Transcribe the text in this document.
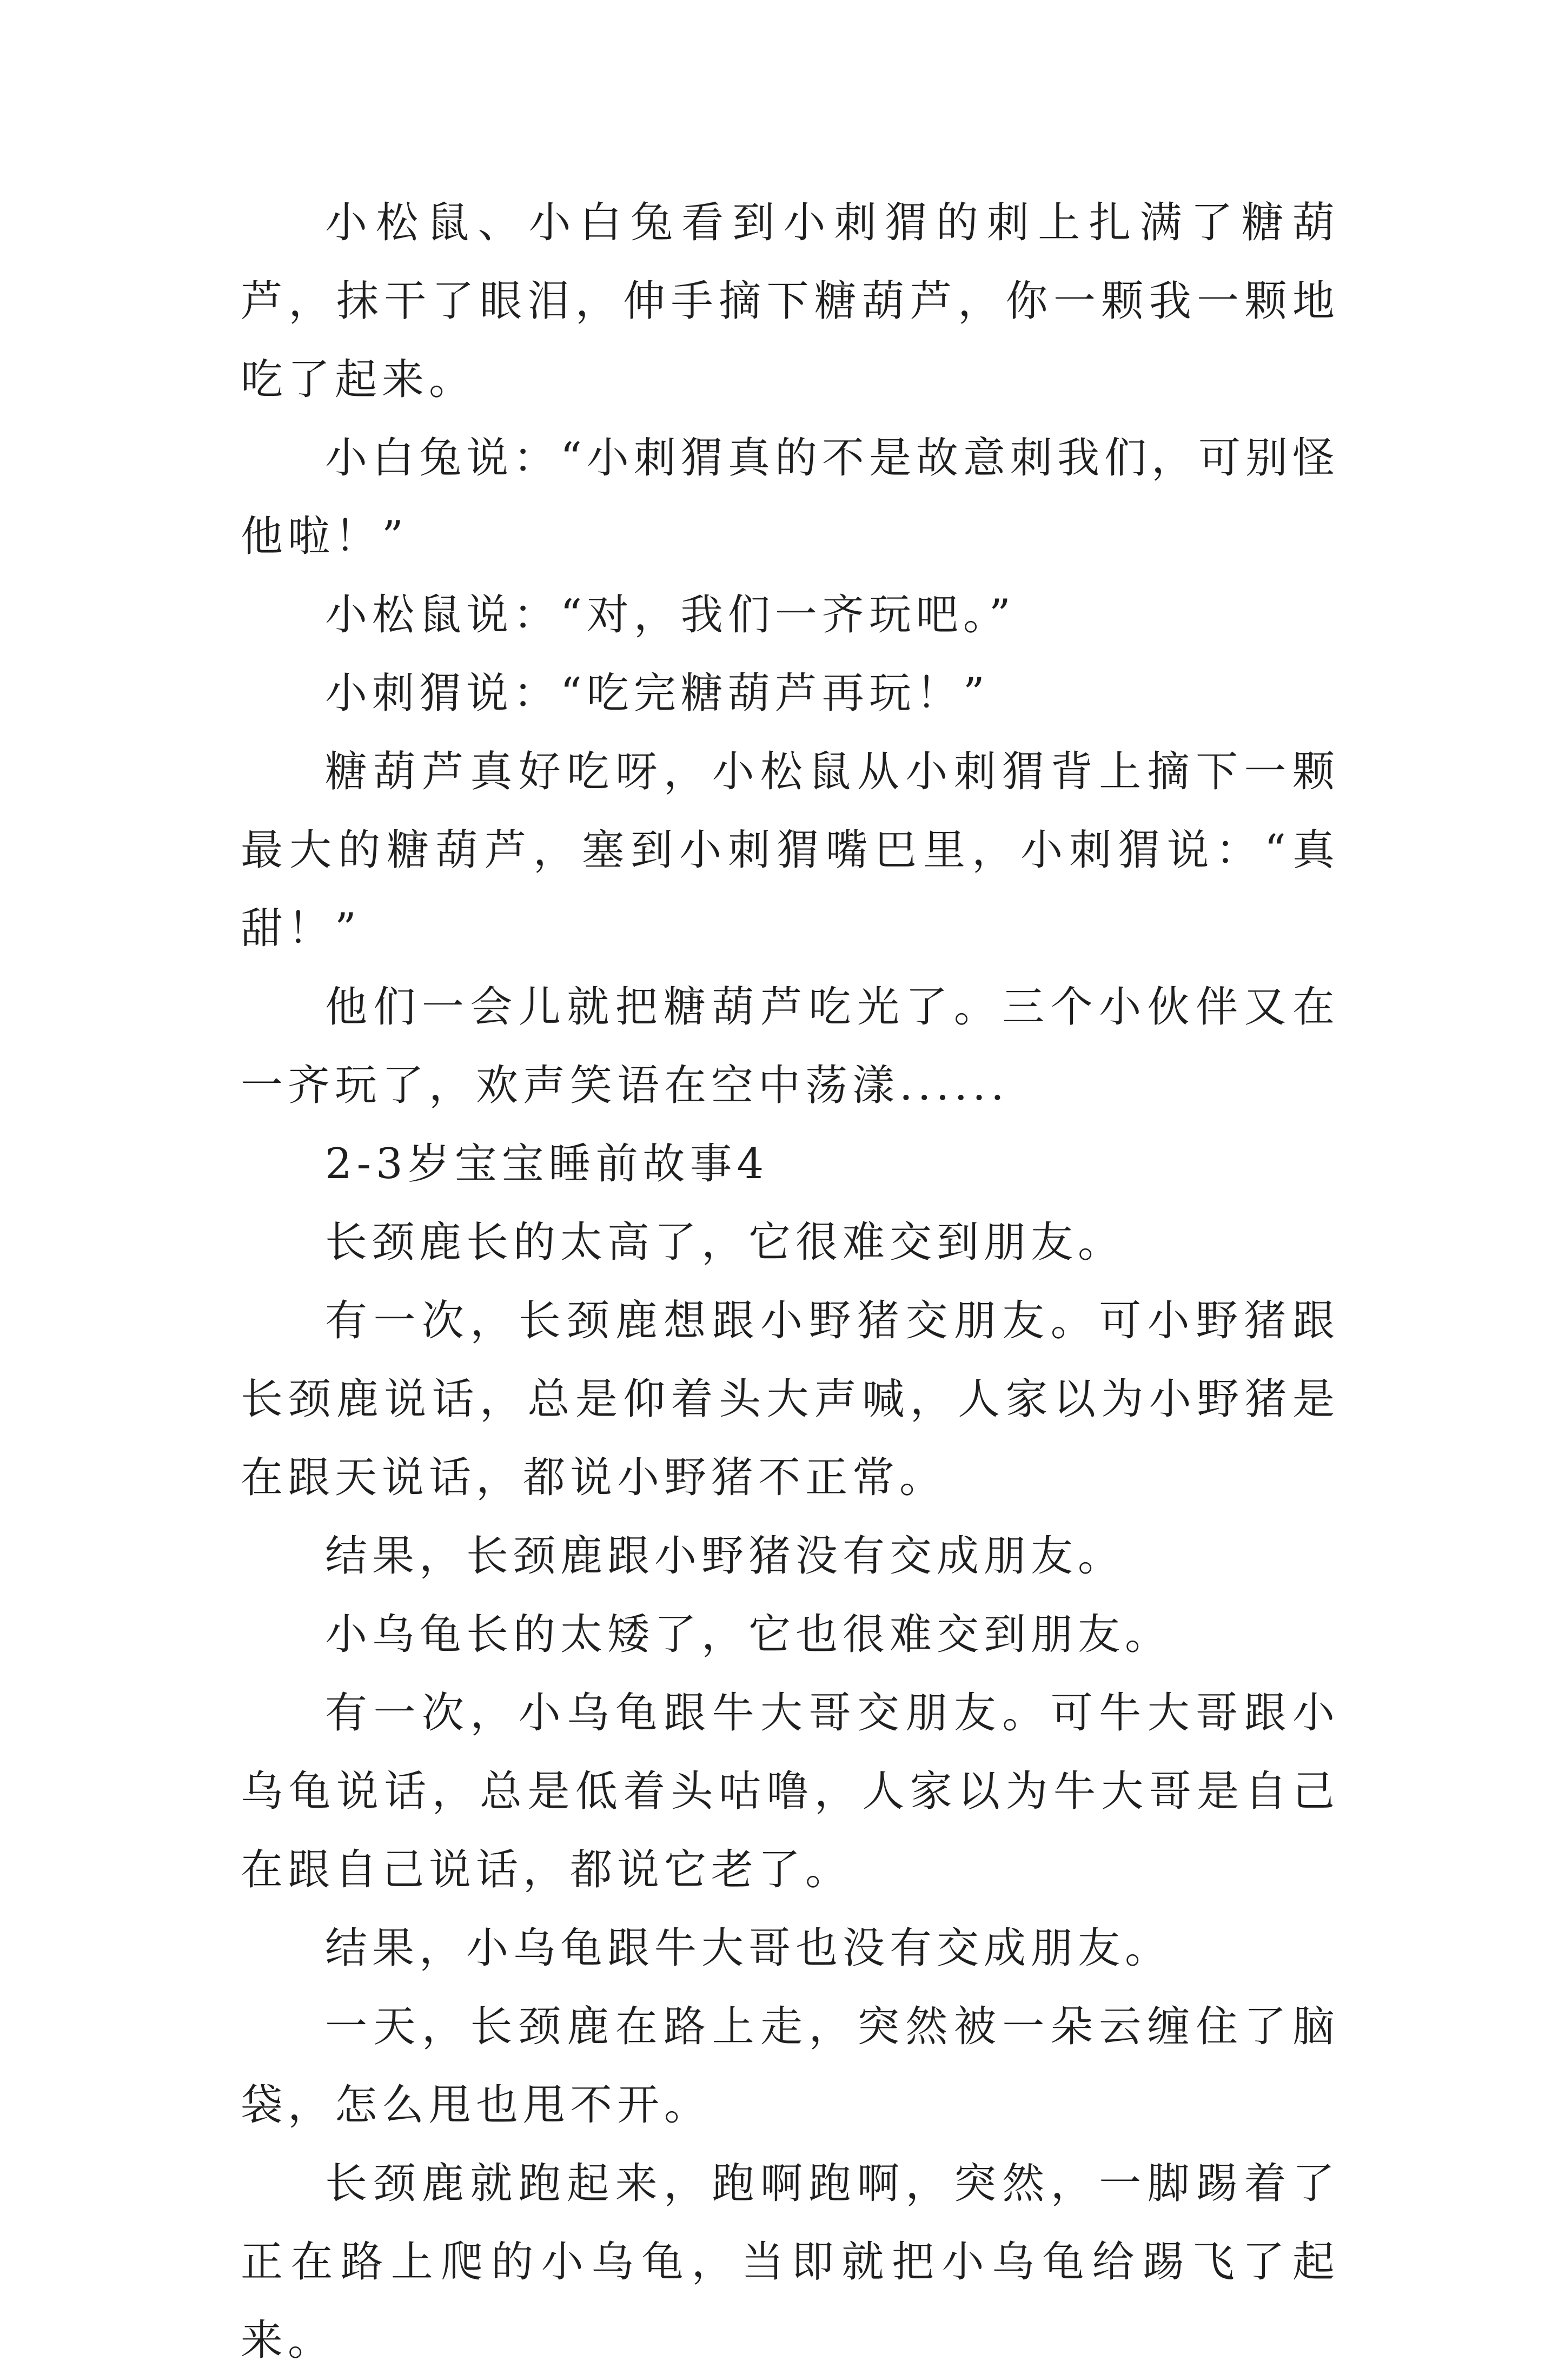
小松鼠、小白兔看到小刺猬的刺上扎满了糖葫芦，抹干了眼泪，伸手摘下糖葫芦，你一颗我一颗地吃了起来。

小白兔说：“小刺猬真的不是故意刺我们，可别怪他啦！”

小松鼠说：“对，我们一齐玩吧。”

小刺猬说：“吃完糖葫芦再玩！”

糖葫芦真好吃呀，小松鼠从小刺猬背上摘下一颗最大的糖葫芦，塞到小刺猬嘴巴里，小刺猬说：“真甜！”

他们一会儿就把糖葫芦吃光了。三个小伙伴又在一齐玩了，欢声笑语在空中荡漾......

2-3岁宝宝睡前故事4

长颈鹿长的太高了，它很难交到朋友。

有一次，长颈鹿想跟小野猪交朋友。可小野猪跟长颈鹿说话，总是仰着头大声喊，人家以为小野猪是在跟天说话，都说小野猪不正常。

结果，长颈鹿跟小野猪没有交成朋友。

小乌龟长的太矮了，它也很难交到朋友。

有一次，小乌龟跟牛大哥交朋友。可牛大哥跟小乌龟说话，总是低着头咕噜，人家以为牛大哥是自己在跟自己说话，都说它老了。

结果，小乌龟跟牛大哥也没有交成朋友。

一天，长颈鹿在路上走，突然被一朵云缠住了脑袋，怎么甩也甩不开。

长颈鹿就跑起来，跑啊跑啊，突然，一脚踢着了正在路上爬的小乌龟，当即就把小乌龟给踢飞了起来。
